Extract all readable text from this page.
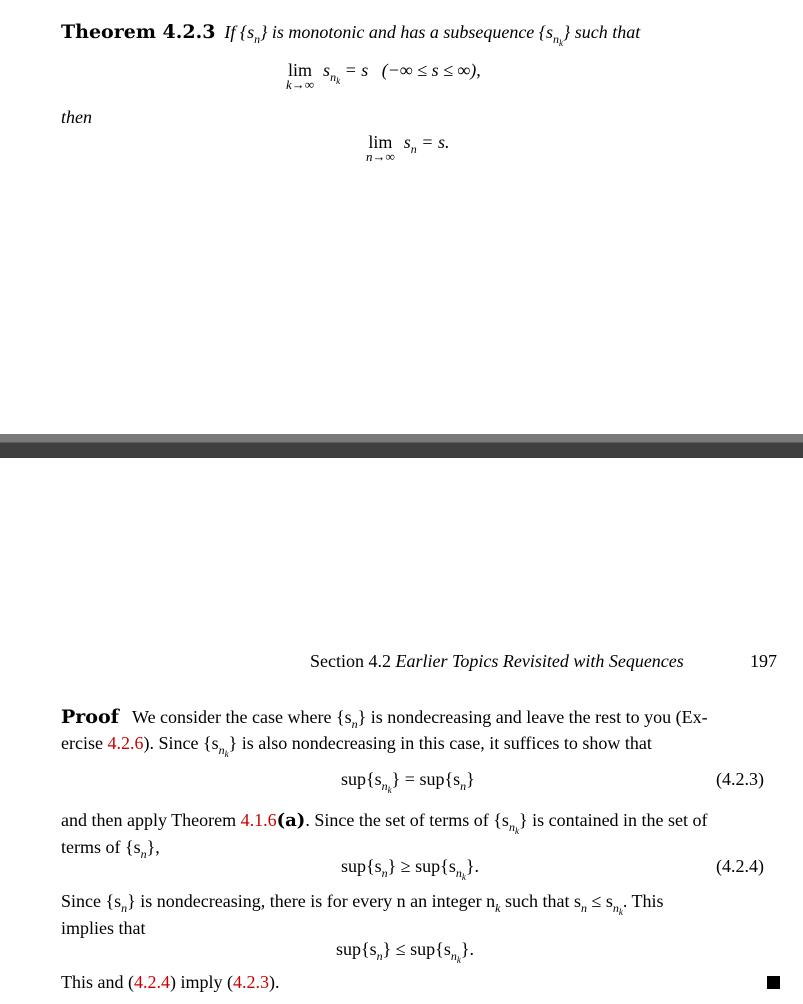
Theorem 4.2.3 If $\{s_n\}$ is monotonic and has a subsequence $\{s_{n_k}\}$ such that
lim
k→∞
$s_{n_k} = s$   (−∞ ≤ s ≤ ∞),
then
lim
n→∞
$s_n = s$.
Section 4.2 Earlier Topics Revisited with Sequences	197
Proof We consider the case where $\{s_n\}$ is nondecreasing and leave the rest to you (Ex-
ercise 4.2.6). Since $\{s_{n_k}\}$ is also nondecreasing in this case, it suffices to show that
$sup\{s_{n_k}\} = sup\{s_n\}$	(4.2.3)
and then apply Theorem 4.1.6(a). Since the set of terms of $\{s_{n_k}\}$ is contained in the set of
terms of $\{s_n\}$,
$sup\{s_n\} \ge sup\{s_{n_k}\}$.	(4.2.4)
Since $\{s_n\}$ is nondecreasing, there is for every n an integer $n_k$ such that $s_n \le s_{n_k}$. This
implies that
$sup\{s_n\} \le sup\{s_{n_k}\}$.
This and (4.2.4) imply (4.2.3).
